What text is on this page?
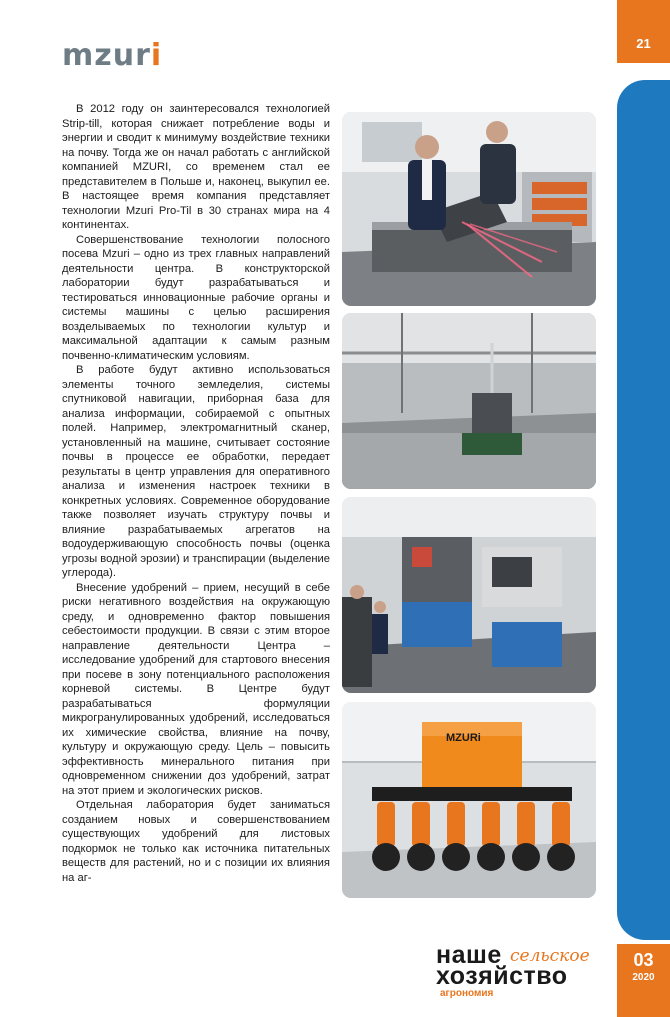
mzuri	21
03
2020

В 2012 году он заинтересовался технологией Strip-till, которая снижает потребление воды и энергии и сводит к минимуму воздействие техники на почву. Тогда же он начал работать с английской компанией MZURI, со временем стал ее представителем в Польше и, наконец, выкупил ее. В настоящее время компания представляет технологии Mzuri Pro-Til в 30 странах мира на 4 континентах.

Совершенствование технологии полосного посева Mzuri – одно из трех главных направлений деятельности центра. В конструкторской лаборатории будут разрабатываться и тестироваться инновационные рабочие органы и системы машины с целью расширения возделываемых по технологии культур и максимальной адаптации к самым разным почвенно-климатическим условиям.

В работе будут активно использоваться элементы точного земледелия, системы спутниковой навигации, приборная база для анализа информации, собираемой с опытных полей. Например, электромагнитный сканер, установленный на машине, считывает состояние почвы в процессе ее обработки, передает результаты в центр управления для оперативного анализа и изменения настроек техники в конкретных условиях. Современное оборудование также позволяет изучать структуру почвы и влияние разрабатываемых агрегатов на водоудерживающую способность почвы (оценка угрозы водной эрозии) и транспирации (выделение углерода).

Внесение удобрений – прием, несущий в себе риски негативного воздействия на окружающую среду, и одновременно фактор повышения себестоимости продукции. В связи с этим второе направление деятельности Центра – исследование удобрений для стартового внесения при посеве в зону потенциального расположения корневой системы. В Центре будут разрабатываться формуляции микрогранулированных удобрений, исследоваться их химические свойства, влияние на почву, культуру и окружающую среду. Цель – повысить эффективность минерального питания при одновременном снижении доз удобрений, затрат на этот прием и экологических рисков.

Отдельная лаборатория будет заниматься созданием новых и совершенствованием существующих удобрений для листовых подкормок не только как источника питательных веществ для растений, но и с позиции их влияния на аг-

MZURi
наше сельское
хозяйство
агрономия
